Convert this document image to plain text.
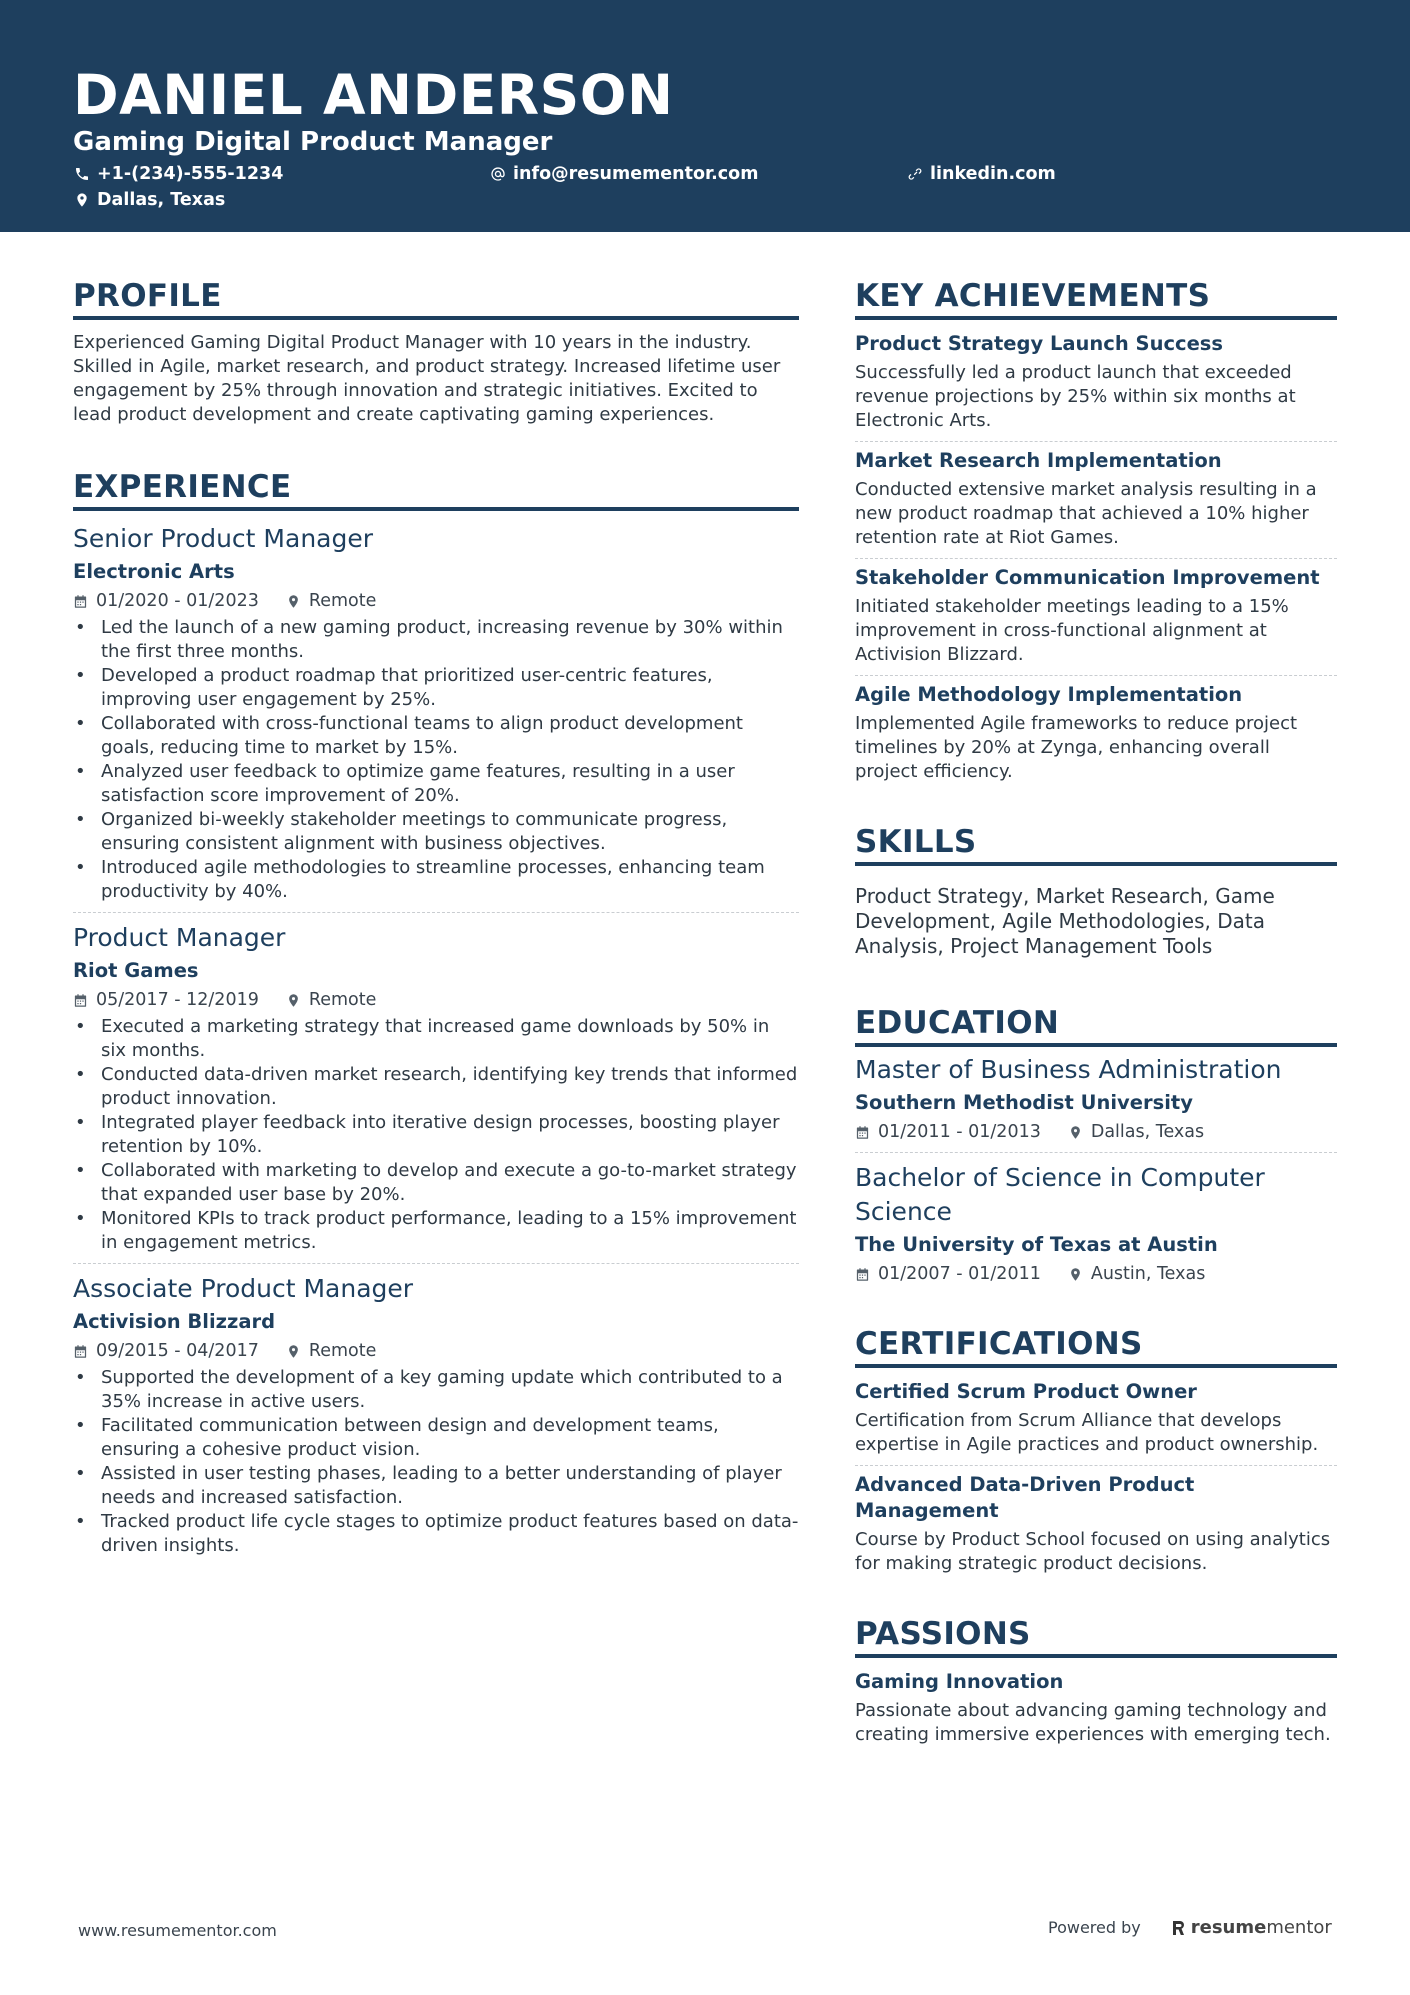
DANIEL ANDERSON
Gaming Digital Product Manager
+1-(234)-555-1234	info@resumementor.com	linkedin.com
Dallas, Texas
PROFILE
Experienced Gaming Digital Product Manager with 10 years in the industry. Skilled in Agile, market research, and product strategy. Increased lifetime user engagement by 25% through innovation and strategic initiatives. Excited to lead product development and create captivating gaming experiences.
EXPERIENCE
Senior Product Manager
Electronic Arts
01/2020 - 01/2023	Remote
• Led the launch of a new gaming product, increasing revenue by 30% within the first three months.
• Developed a product roadmap that prioritized user-centric features, improving user engagement by 25%.
• Collaborated with cross-functional teams to align product development goals, reducing time to market by 15%.
• Analyzed user feedback to optimize game features, resulting in a user satisfaction score improvement of 20%.
• Organized bi-weekly stakeholder meetings to communicate progress, ensuring consistent alignment with business objectives.
• Introduced agile methodologies to streamline processes, enhancing team productivity by 40%.
Product Manager
Riot Games
05/2017 - 12/2019	Remote
• Executed a marketing strategy that increased game downloads by 50% in six months.
• Conducted data-driven market research, identifying key trends that informed product innovation.
• Integrated player feedback into iterative design processes, boosting player retention by 10%.
• Collaborated with marketing to develop and execute a go-to-market strategy that expanded user base by 20%.
• Monitored KPIs to track product performance, leading to a 15% improvement in engagement metrics.
Associate Product Manager
Activision Blizzard
09/2015 - 04/2017	Remote
• Supported the development of a key gaming update which contributed to a 35% increase in active users.
• Facilitated communication between design and development teams, ensuring a cohesive product vision.
• Assisted in user testing phases, leading to a better understanding of player needs and increased satisfaction.
• Tracked product life cycle stages to optimize product features based on data-driven insights.
KEY ACHIEVEMENTS
Product Strategy Launch Success
Successfully led a product launch that exceeded revenue projections by 25% within six months at Electronic Arts.
Market Research Implementation
Conducted extensive market analysis resulting in a new product roadmap that achieved a 10% higher retention rate at Riot Games.
Stakeholder Communication Improvement
Initiated stakeholder meetings leading to a 15% improvement in cross-functional alignment at Activision Blizzard.
Agile Methodology Implementation
Implemented Agile frameworks to reduce project timelines by 20% at Zynga, enhancing overall project efficiency.
SKILLS
Product Strategy, Market Research, Game Development, Agile Methodologies, Data Analysis, Project Management Tools
EDUCATION
Master of Business Administration
Southern Methodist University
01/2011 - 01/2013	Dallas, Texas
Bachelor of Science in Computer Science
The University of Texas at Austin
01/2007 - 01/2011	Austin, Texas
CERTIFICATIONS
Certified Scrum Product Owner
Certification from Scrum Alliance that develops expertise in Agile practices and product ownership.
Advanced Data-Driven Product Management
Course by Product School focused on using analytics for making strategic product decisions.
PASSIONS
Gaming Innovation
Passionate about advancing gaming technology and creating immersive experiences with emerging tech.
www.resumementor.com	Powered by	resume mentor
